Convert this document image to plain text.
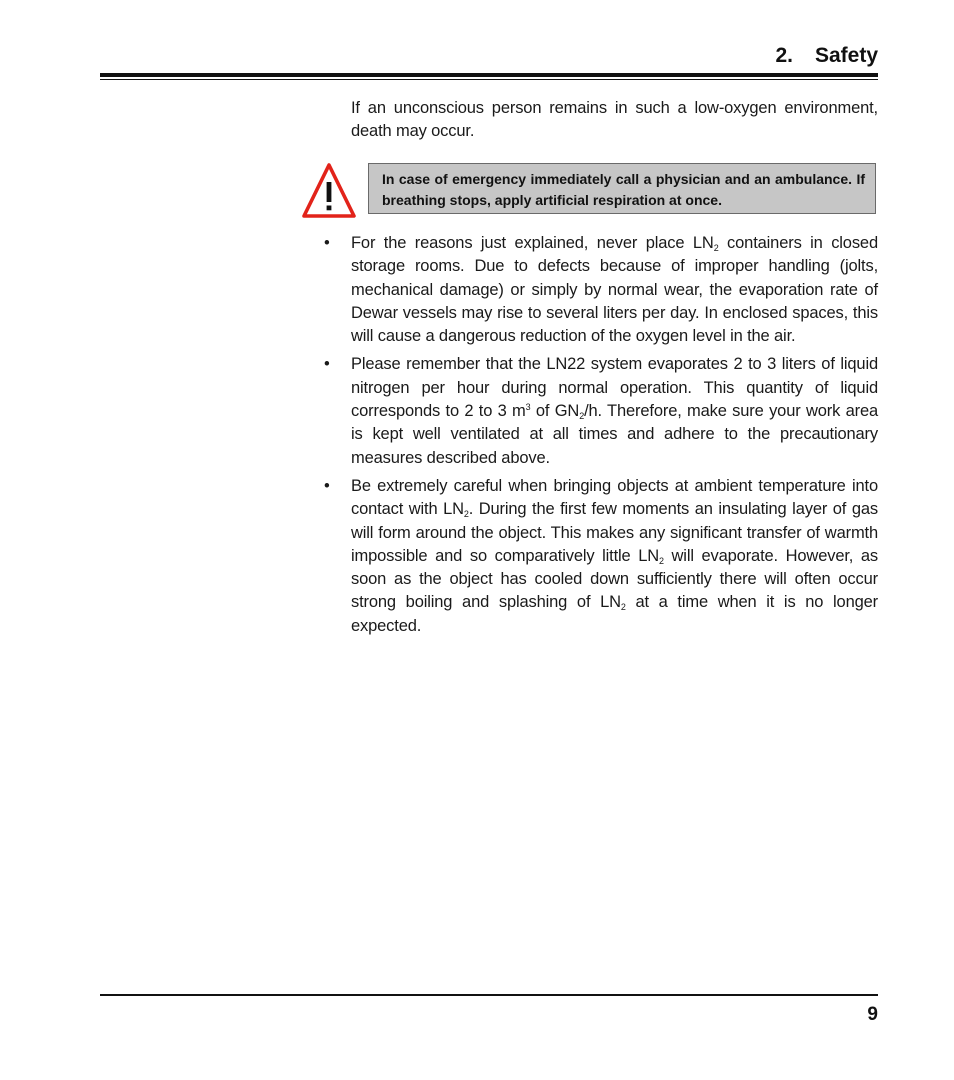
2. Safety

If an unconscious person remains in such a low-oxygen environment, death may occur.

In case of emergency immediately call a physician and an ambulance. If breathing stops, apply artificial respiration at once.
• For the reasons just explained, never place $LN_2$ containers in closed storage rooms. Due to defects because of improper handling (jolts, mechanical damage) or simply by normal wear, the evaporation rate of Dewar vessels may rise to several liters per day. In enclosed spaces, this will cause a dangerous reduction of the oxygen level in the air.
• Please remember that the LN22 system evaporates 2 to 3 liters of liquid nitrogen per hour during normal operation. This quantity of liquid corresponds to 2 to 3 $m^3$ of $GN_2/h$. Therefore, make sure your work area is kept well ventilated at all times and adhere to the precautionary measures described above.
• Be extremely careful when bringing objects at ambient temperature into contact with $LN_2$. During the first few moments an insulating layer of gas will form around the object. This makes any significant transfer of warmth impossible and so comparatively little $LN_2$ will evaporate. However, as soon as the object has cooled down sufficiently there will often occur strong boiling and splashing of $LN_2$ at a time when it is no longer expected.
9
